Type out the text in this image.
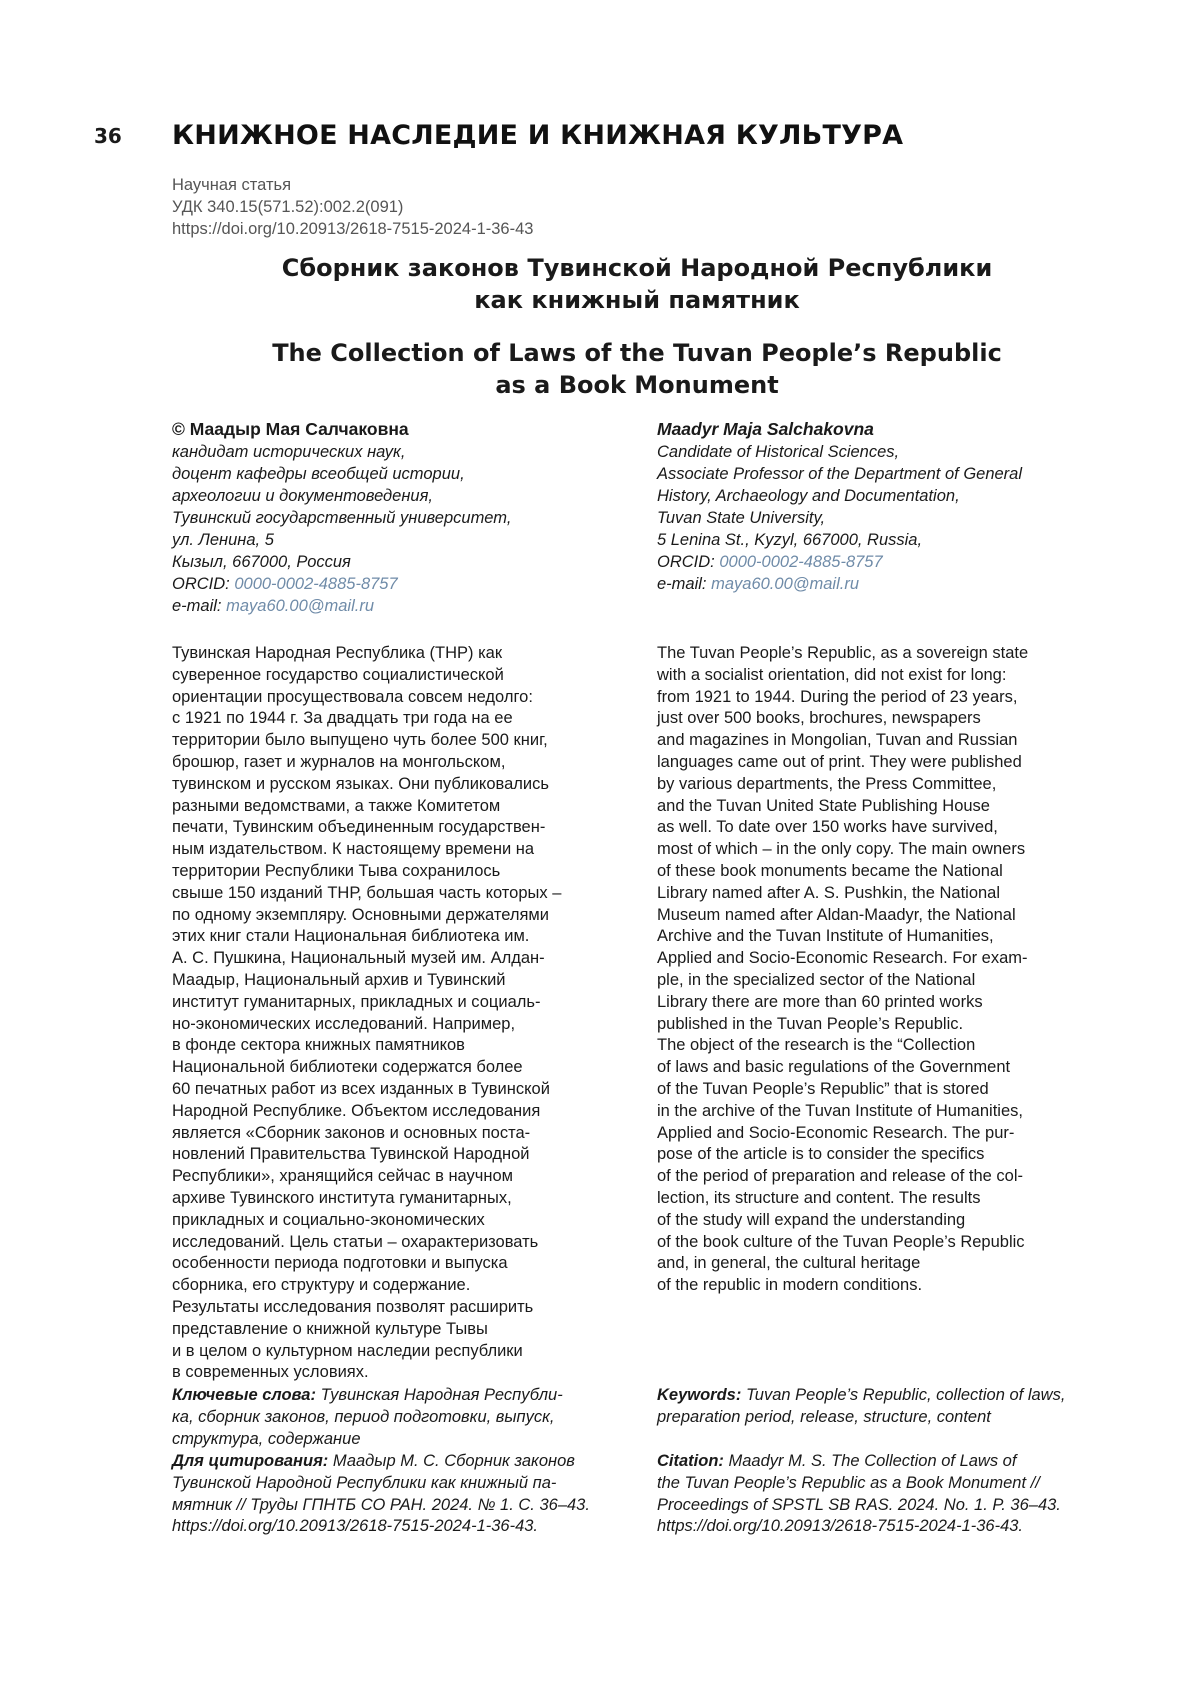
36 КНИЖНОЕ НАСЛЕДИЕ И КНИЖНАЯ КУЛЬТУРА
Научная статья
УДК 340.15(571.52):002.2(091)
https://doi.org/10.20913/2618-7515-2024-1-36-43
Сборник законов Тувинской Народной Республики
как книжный памятник
The Collection of Laws of the Tuvan People’s Republic
as a Book Monument
© Маадыр Мая Салчаковна
кандидат исторических наук,
доцент кафедры всеобщей истории,
археологии и документоведения,
Тувинский государственный университет,
ул. Ленина, 5
Кызыл, 667000, Россия
ORCID: 0000-0002-4885-8757
e-mail: maya60.00@mail.ru
Maadyr Maja Salchakovna
Candidate of Historical Sciences,
Associate Professor of the Department of General
History, Archaeology and Documentation,
Tuvan State University,
5 Lenina St., Kyzyl, 667000, Russia,
ORCID: 0000-0002-4885-8757
e-mail: maya60.00@mail.ru
Тувинская Народная Республика (ТНР) как
суверенное государство социалистической
ориентации просуществовала совсем недолго:
с 1921 по 1944 г. За двадцать три года на ее
территории было выпущено чуть более 500 книг,
брошюр, газет и журналов на монгольском,
тувинском и русском языках. Они публиковались
разными ведомствами, а также Комитетом
печати, Тувинским объединенным государствен-
ным издательством. К настоящему времени на
территории Республики Тыва сохранилось
свыше 150 изданий ТНР, большая часть которых –
по одному экземпляру. Основными держателями
этих книг стали Национальная библиотека им.
А. С. Пушкина, Национальный музей им. Алдан-
Маадыр, Национальный архив и Тувинский
институт гуманитарных, прикладных и социаль-
но-экономических исследований. Например,
в фонде сектора книжных памятников
Национальной библиотеки содержатся более
60 печатных работ из всех изданных в Тувинской
Народной Республике. Объектом исследования
является «Сборник законов и основных поста-
новлений Правительства Тувинской Народной
Республики», хранящийся сейчас в научном
архиве Тувинского института гуманитарных,
прикладных и социально-экономических
исследований. Цель статьи – охарактеризовать
особенности периода подготовки и выпуска
сборника, его структуру и содержание.
Результаты исследования позволят расширить
представление о книжной культуре Тывы
и в целом о культурном наследии республики
в современных условиях.
The Tuvan People’s Republic, as a sovereign state
with a socialist orientation, did not exist for long:
from 1921 to 1944. During the period of 23 years,
just over 500 books, brochures, newspapers
and magazines in Mongolian, Tuvan and Russian
languages came out of print. They were published
by various departments, the Press Committee,
and the Tuvan United State Publishing House
as well. To date over 150 works have survived,
most of which – in the only copy. The main owners
of these book monuments became the National
Library named after A. S. Pushkin, the National
Museum named after Aldan-Maadyr, the National
Archive and the Tuvan Institute of Humanities,
Applied and Socio-Economic Research. For exam-
ple, in the specialized sector of the National
Library there are more than 60 printed works
published in the Tuvan People’s Republic.
The object of the research is the “Collection
of laws and basic regulations of the Government
of the Tuvan People’s Republic” that is stored
in the archive of the Tuvan Institute of Humanities,
Applied and Socio-Economic Research. The pur-
pose of the article is to consider the specifics
of the period of preparation and release of the col-
lection, its structure and content. The results
of the study will expand the understanding
of the book culture of the Tuvan People’s Republic
and, in general, the cultural heritage
of the republic in modern conditions.
Ключевые слова: Тувинская Народная Республи-
ка, сборник законов, период подготовки, выпуск,
структура, содержание
Для цитирования: Маадыр М. С. Сборник законов
Тувинской Народной Республики как книжный па-
мятник // Труды ГПНТБ СО РАН. 2024. № 1. С. 36–43.
https://doi.org/10.20913/2618-7515-2024-1-36-43.
Keywords: Tuvan People’s Republic, collection of laws,
preparation period, release, structure, content
Citation: Maadyr M. S. The Collection of Laws of
the Tuvan People’s Republic as a Book Monument //
Proceedings of SPSTL SB RAS. 2024. No. 1. P. 36–43.
https://doi.org/10.20913/2618-7515-2024-1-36-43.
